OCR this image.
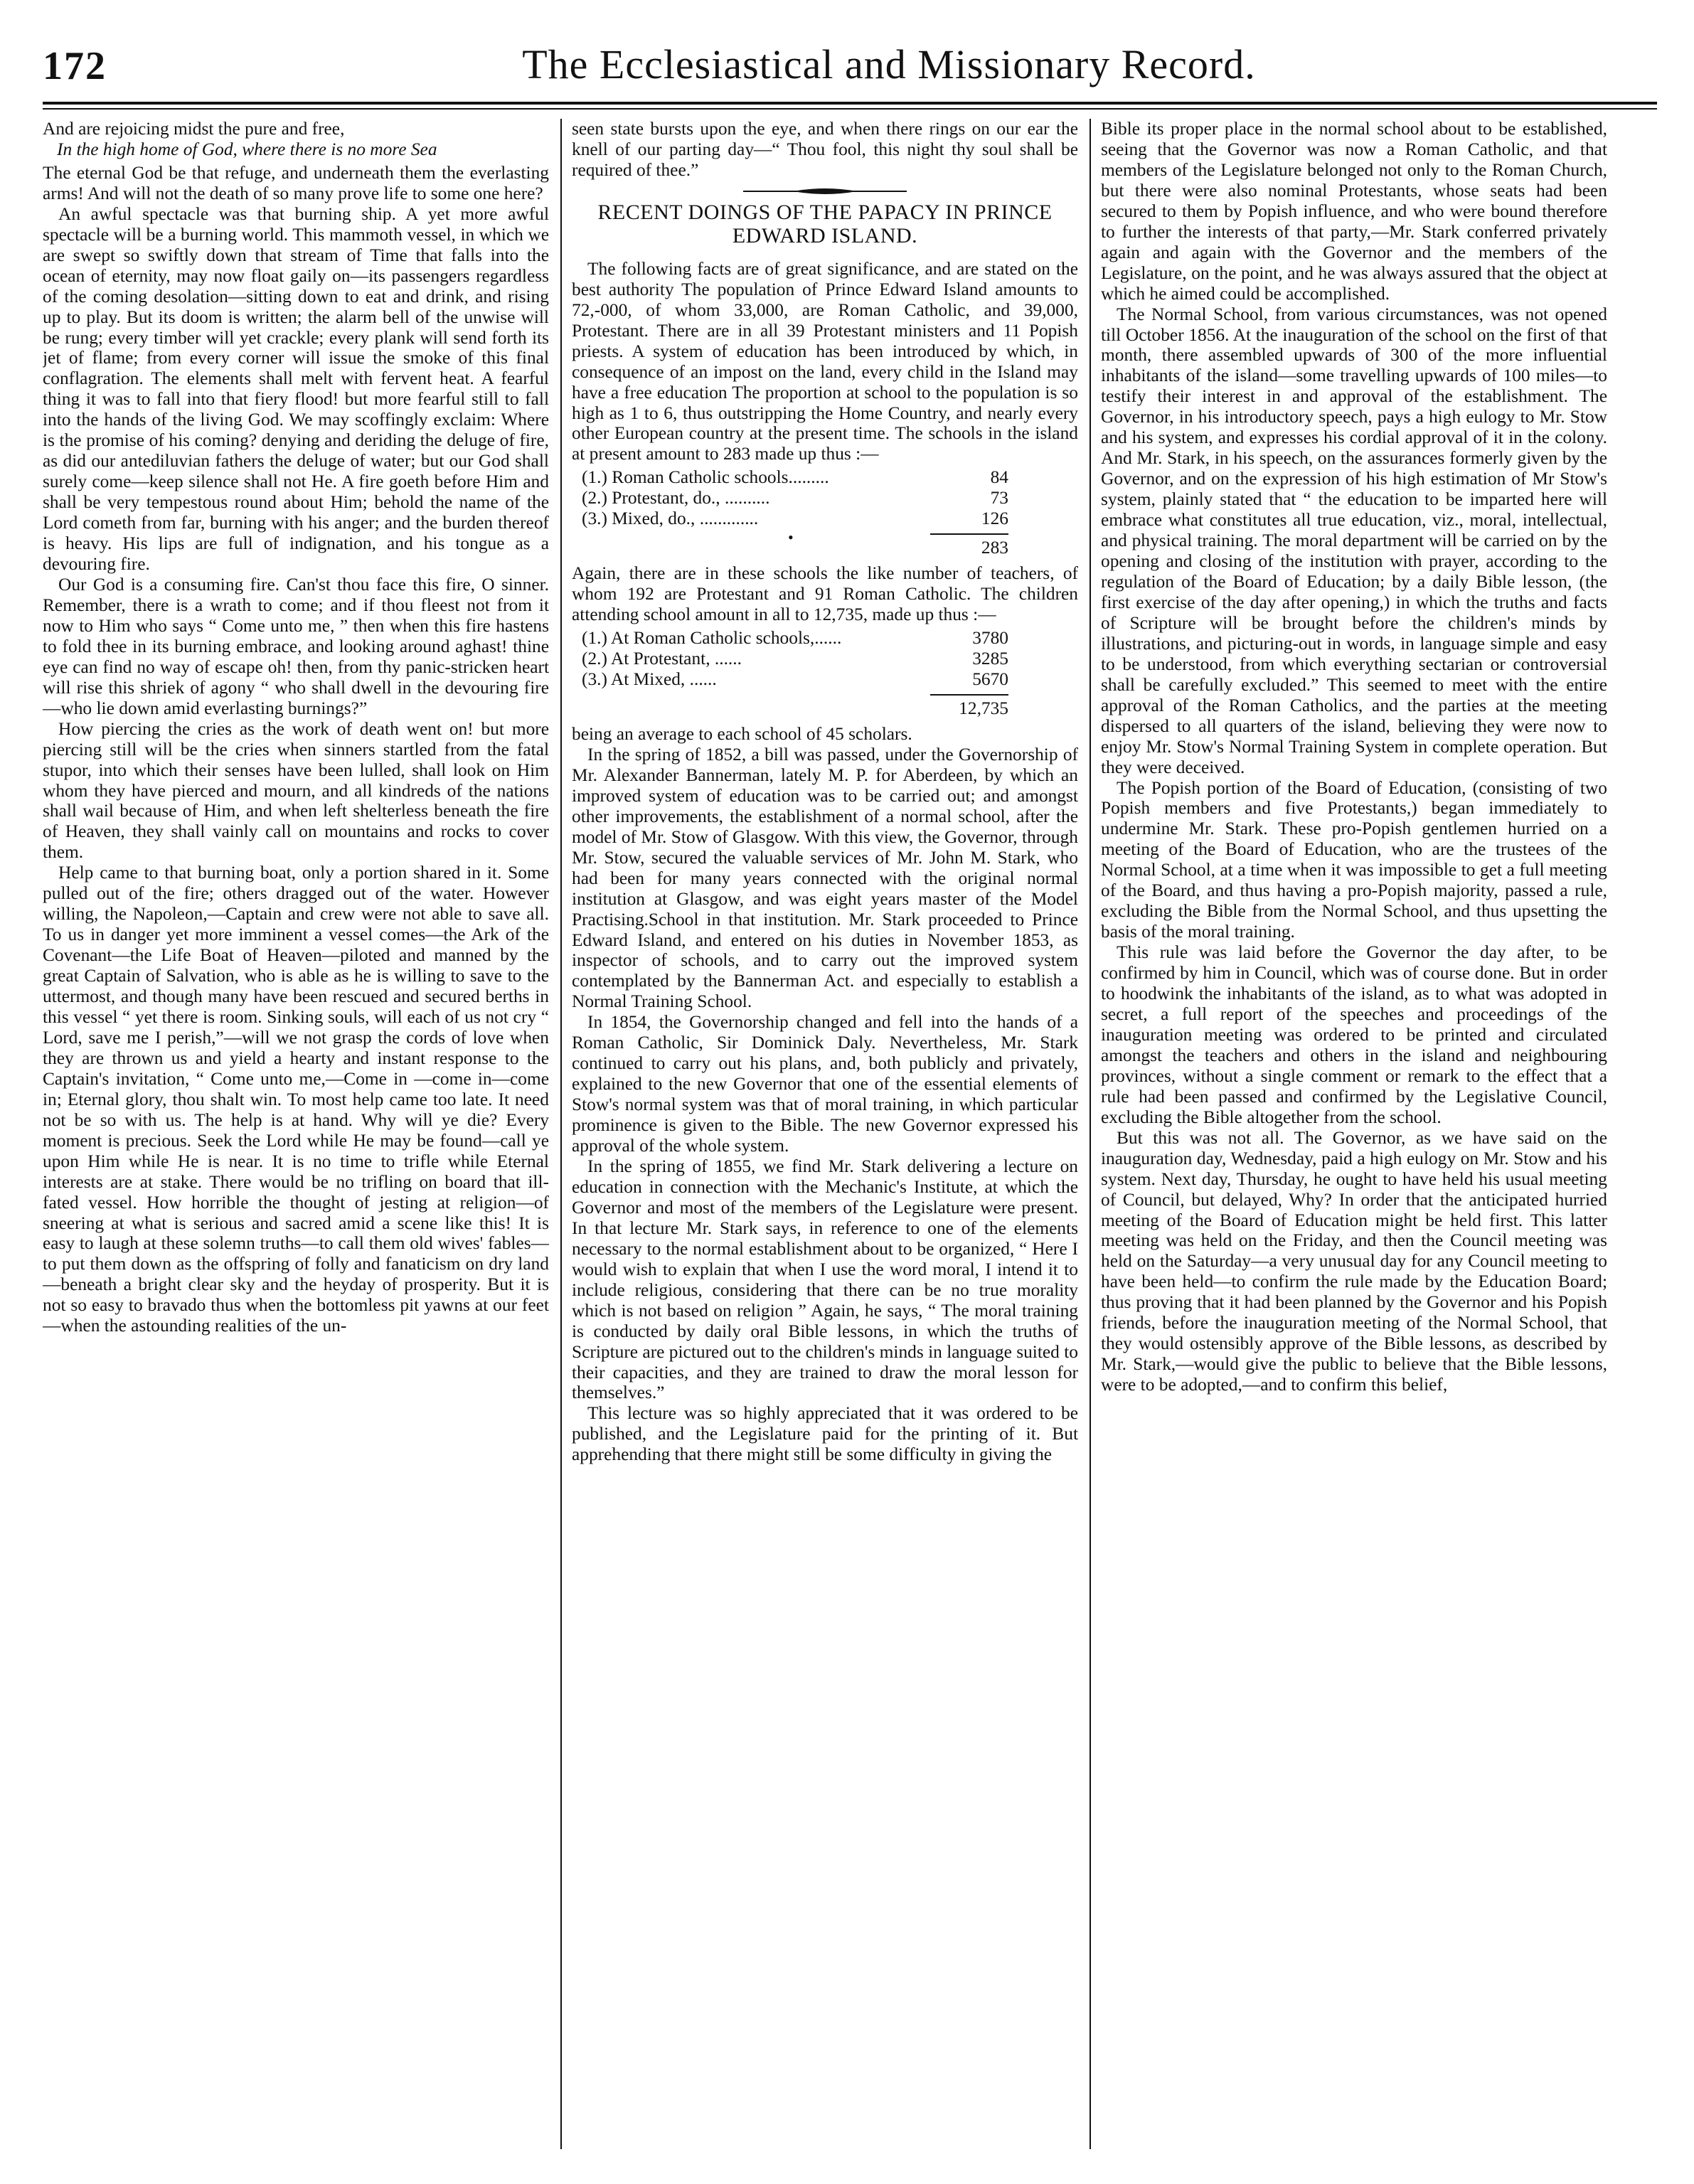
172	The Ecclesiastical and Missionary Record.
And are rejoicing midst the pure and free,
In the high home of God, where there is no more Sea

The eternal God be that refuge, and underneath them the everlasting arms! And will not the death of so many prove life to some one here?

An awful spectacle was that burning ship. A yet more awful spectacle will be a burning world. This mammoth vessel, in which we are swept so swiftly down that stream of Time that falls into the ocean of eternity, may now float gaily on—its passengers regardless of the coming desolation—sitting down to eat and drink, and rising up to play. But its doom is written; the alarm bell of the unwise will be rung; every timber will yet crackle; every plank will send forth its jet of flame; from every corner will issue the smoke of this final conflagration. The elements shall melt with fervent heat. A fearful thing it was to fall into that fiery flood! but more fearful still to fall into the hands of the living God. We may scoffingly exclaim: Where is the promise of his coming? denying and deriding the deluge of fire, as did our antediluvian fathers the deluge of water; but our God shall surely come—keep silence shall not He. A fire goeth before Him and shall be very tempestous round about Him; behold the name of the Lord cometh from far, burning with his anger; and the burden thereof is heavy. His lips are full of indignation, and his tongue as a devouring fire.

Our God is a consuming fire. Can'st thou face this fire, O sinner. Remember, there is a wrath to come; and if thou fleest not from it now to Him who says “ Come unto me, ” then when this fire hastens to fold thee in its burning embrace, and looking around aghast! thine eye can find no way of escape oh! then, from thy panic-stricken heart will rise this shriek of agony “ who shall dwell in the devouring fire—who lie down amid everlasting burnings?”

How piercing the cries as the work of death went on! but more piercing still will be the cries when sinners startled from the fatal stupor, into which their senses have been lulled, shall look on Him whom they have pierced and mourn, and all kindreds of the nations shall wail because of Him, and when left shelterless beneath the fire of Heaven, they shall vainly call on mountains and rocks to cover them.

Help came to that burning boat, only a portion shared in it. Some pulled out of the fire; others dragged out of the water. However willing, the Napoleon,—Captain and crew were not able to save all. To us in danger yet more imminent a vessel comes—the Ark of the Covenant—the Life Boat of Heaven—piloted and manned by the great Captain of Salvation, who is able as he is willing to save to the uttermost, and though many have been rescued and secured berths in this vessel “ yet there is room. Sinking souls, will each of us not cry “ Lord, save me I perish,”—will we not grasp the cords of love when they are thrown us and yield a hearty and instant response to the Captain's invitation, “ Come unto me,—Come in —come in—come in; Eternal glory, thou shalt win. To most help came too late. It need not be so with us. The help is at hand. Why will ye die? Every moment is precious. Seek the Lord while He may be found—call ye upon Him while He is near. It is no time to trifle while Eternal interests are at stake. There would be no trifling on board that ill-fated vessel. How horrible the thought of jesting at religion—of sneering at what is serious and sacred amid a scene like this! It is easy to laugh at these solemn truths—to call them old wives' fables—to put them down as the offspring of folly and fanaticism on dry land—beneath a bright clear sky and the heyday of prosperity. But it is not so easy to bravado thus when the bottomless pit yawns at our feet—when the astounding realities of the un-

seen state bursts upon the eye, and when there rings on our ear the knell of our parting day—“ Thou fool, this night thy soul shall be required of thee.”

RECENT DOINGS OF THE PAPACY IN PRINCE EDWARD ISLAND.

The following facts are of great significance, and are stated on the best authority The population of Prince Edward Island amounts to 72,-000, of whom 33,000, are Roman Catholic, and 39,000, Protestant. There are in all 39 Protestant ministers and 11 Popish priests. A system of education has been introduced by which, in consequence of an impost on the land, every child in the Island may have a free education The proportion at school to the population is so high as 1 to 6, thus outstripping the Home Country, and nearly every other European country at the present time. The schools in the island at present amount to 283 made up thus :—

(1.) Roman Catholic schools.........	84
(2.) Protestant, do., ..........	73
(3.) Mixed, do., .............	126
•
283

Again, there are in these schools the like number of teachers, of whom 192 are Protestant and 91 Roman Catholic. The children attending school amount in all to 12,735, made up thus :—

(1.) At Roman Catholic schools,......	3780
(2.) At Protestant, ......	3285
(3.) At Mixed, ......	5670
12,735

being an average to each school of 45 scholars.

In the spring of 1852, a bill was passed, under the Governorship of Mr. Alexander Bannerman, lately M. P. for Aberdeen, by which an improved system of education was to be carried out; and amongst other improvements, the establishment of a normal school, after the model of Mr. Stow of Glasgow. With this view, the Governor, through Mr. Stow, secured the valuable services of Mr. John M. Stark, who had been for many years connected with the original normal institution at Glasgow, and was eight years master of the Model Practising.School in that institution. Mr. Stark proceeded to Prince Edward Island, and entered on his duties in November 1853, as inspector of schools, and to carry out the improved system contemplated by the Bannerman Act. and especially to establish a Normal Training School.

In 1854, the Governorship changed and fell into the hands of a Roman Catholic, Sir Dominick Daly. Nevertheless, Mr. Stark continued to carry out his plans, and, both publicly and privately, explained to the new Governor that one of the essential elements of Stow's normal system was that of moral training, in which particular prominence is given to the Bible. The new Governor expressed his approval of the whole system.

In the spring of 1855, we find Mr. Stark delivering a lecture on education in connection with the Mechanic's Institute, at which the Governor and most of the members of the Legislature were present. In that lecture Mr. Stark says, in reference to one of the elements necessary to the normal establishment about to be organized, “ Here I would wish to explain that when I use the word moral, I intend it to include religious, considering that there can be no true morality which is not based on religion ” Again, he says, “ The moral training is conducted by daily oral Bible lessons, in which the truths of Scripture are pictured out to the children's minds in language suited to their capacities, and they are trained to draw the moral lesson for themselves.”

This lecture was so highly appreciated that it was ordered to be published, and the Legislature paid for the printing of it. But apprehending that there might still be some difficulty in giving the

Bible its proper place in the normal school about to be established, seeing that the Governor was now a Roman Catholic, and that members of the Legislature belonged not only to the Roman Church, but there were also nominal Protestants, whose seats had been secured to them by Popish influence, and who were bound therefore to further the interests of that party,—Mr. Stark conferred privately again and again with the Governor and the members of the Legislature, on the point, and he was always assured that the object at which he aimed could be accomplished.

The Normal School, from various circumstances, was not opened till October 1856. At the inauguration of the school on the first of that month, there assembled upwards of 300 of the more influential inhabitants of the island—some travelling upwards of 100 miles—to testify their interest in and approval of the establishment. The Governor, in his introductory speech, pays a high eulogy to Mr. Stow and his system, and expresses his cordial approval of it in the colony. And Mr. Stark, in his speech, on the assurances formerly given by the Governor, and on the expression of his high estimation of Mr Stow's system, plainly stated that “ the education to be imparted here will embrace what constitutes all true education, viz., moral, intellectual, and physical training. The moral department will be carried on by the opening and closing of the institution with prayer, according to the regulation of the Board of Education; by a daily Bible lesson, (the first exercise of the day after opening,) in which the truths and facts of Scripture will be brought before the children's minds by illustrations, and picturing-out in words, in language simple and easy to be understood, from which everything sectarian or controversial shall be carefully excluded.” This seemed to meet with the entire approval of the Roman Catholics, and the parties at the meeting dispersed to all quarters of the island, believing they were now to enjoy Mr. Stow's Normal Training System in complete operation. But they were deceived.

The Popish portion of the Board of Education, (consisting of two Popish members and five Protestants,) began immediately to undermine Mr. Stark. These pro-Popish gentlemen hurried on a meeting of the Board of Education, who are the trustees of the Normal School, at a time when it was impossible to get a full meeting of the Board, and thus having a pro-Popish majority, passed a rule, excluding the Bible from the Normal School, and thus upsetting the basis of the moral training.

This rule was laid before the Governor the day after, to be confirmed by him in Council, which was of course done. But in order to hoodwink the inhabitants of the island, as to what was adopted in secret, a full report of the speeches and proceedings of the inauguration meeting was ordered to be printed and circulated amongst the teachers and others in the island and neighbouring provinces, without a single comment or remark to the effect that a rule had been passed and confirmed by the Legislative Council, excluding the Bible altogether from the school.

But this was not all. The Governor, as we have said on the inauguration day, Wednesday, paid a high eulogy on Mr. Stow and his system. Next day, Thursday, he ought to have held his usual meeting of Council, but delayed, Why? In order that the anticipated hurried meeting of the Board of Education might be held first. This latter meeting was held on the Friday, and then the Council meeting was held on the Saturday—a very unusual day for any Council meeting to have been held—to confirm the rule made by the Education Board; thus proving that it had been planned by the Governor and his Popish friends, before the inauguration meeting of the Normal School, that they would ostensibly approve of the Bible lessons, as described by Mr. Stark,—would give the public to believe that the Bible lessons, were to be adopted,—and to confirm this belief,
